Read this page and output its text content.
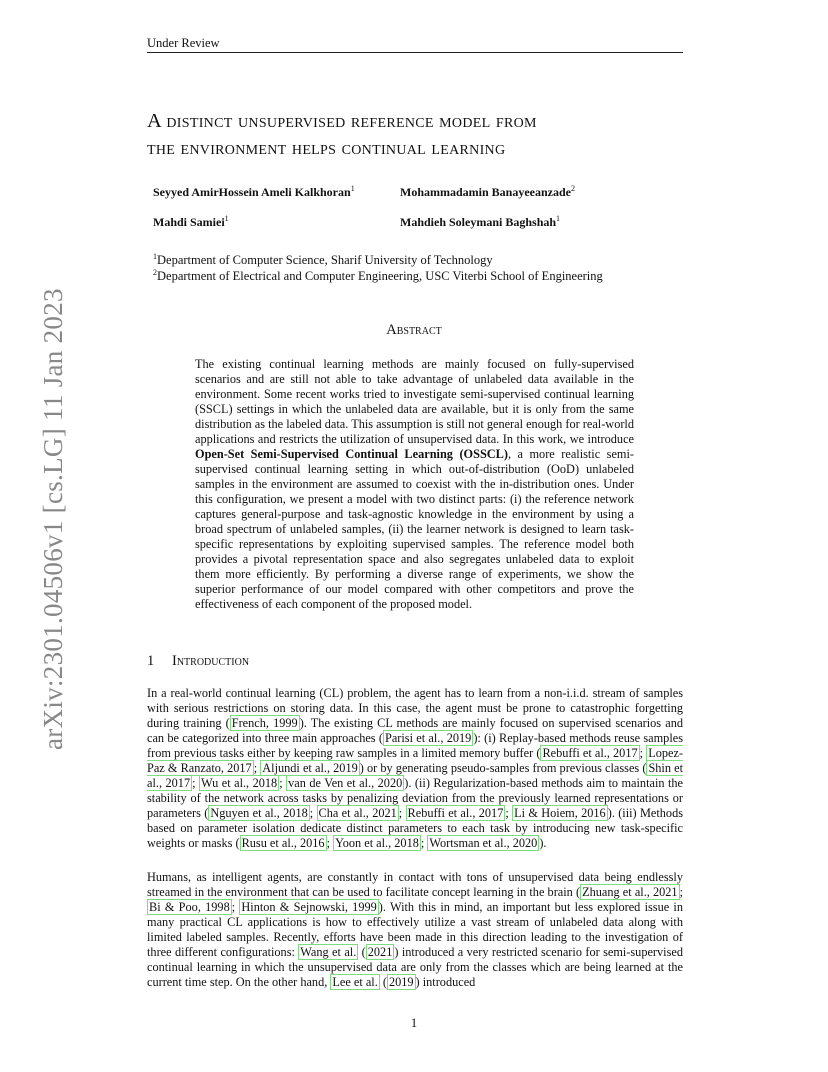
Under Review
A distinct unsupervised reference model from
the environment helps continual learning
Seyyed AmirHossein Ameli Kalkhoran$^1$	Mohammadamin Banayeeanzade$^2$
Mahdi Samiei$^1$	Mahdieh Soleymani Baghshah$^1$
$^1$Department of Computer Science, Sharif University of Technology
$^2$Department of Electrical and Computer Engineering, USC Viterbi School of Engineering
Abstract
The existing continual learning methods are mainly focused on fully-supervised scenarios and are still not able to take advantage of unlabeled data available in the environment. Some recent works tried to investigate semi-supervised continual learning (SSCL) settings in which the unlabeled data are available, but it is only from the same distribution as the labeled data. This assumption is still not general enough for real-world applications and restricts the utilization of unsupervised data. In this work, we introduce Open-Set Semi-Supervised Continual Learning (OSSCL), a more realistic semi-supervised continual learning setting in which out-of-distribution (OoD) unlabeled samples in the environment are assumed to coexist with the in-distribution ones. Under this configuration, we present a model with two distinct parts: (i) the reference network captures general-purpose and task-agnostic knowledge in the environment by using a broad spectrum of unlabeled samples, (ii) the learner network is designed to learn task-specific representations by exploiting supervised samples. The reference model both provides a pivotal representation space and also segregates unlabeled data to exploit them more efficiently. By performing a diverse range of experiments, we show the superior performance of our model compared with other competitors and prove the effectiveness of each component of the proposed model.
1 Introduction
In a real-world continual learning (CL) problem, the agent has to learn from a non-i.i.d. stream of samples with serious restrictions on storing data. In this case, the agent must be prone to catastrophic forgetting during training ( French, 1999 ). The existing CL methods are mainly focused on supervised scenarios and can be categorized into three main approaches ( Parisi et al., 2019 ): (i) Replay-based methods reuse samples from previous tasks either by keeping raw samples in a limited memory buffer ( Rebuffi et al., 2017 ; Lopez-Paz & Ranzato, 2017 ; Aljundi et al., 2019 ) or by generating pseudo-samples from previous classes ( Shin et al., 2017 ; Wu et al., 2018 ; van de Ven et al., 2020 ). (ii) Regularization-based methods aim to maintain the stability of the network across tasks by penalizing deviation from the previously learned representations or parameters ( Nguyen et al., 2018 ; Cha et al., 2021 ; Rebuffi et al., 2017 ; Li & Hoiem, 2016 ). (iii) Methods based on parameter isolation dedicate distinct parameters to each task by introducing new task-specific weights or masks ( Rusu et al., 2016 ; Yoon et al., 2018 ; Wortsman et al., 2020 ).
Humans, as intelligent agents, are constantly in contact with tons of unsupervised data being endlessly streamed in the environment that can be used to facilitate concept learning in the brain ( Zhuang et al., 2021 ; Bi & Poo, 1998 ; Hinton & Sejnowski, 1999 ). With this in mind, an important but less explored issue in many practical CL applications is how to effectively utilize a vast stream of unlabeled data along with limited labeled samples. Recently, efforts have been made in this direction leading to the investigation of three different configurations: Wang et al. ( 2021 ) introduced a very restricted scenario for semi-supervised continual learning in which the unsupervised data are only from the classes which are being learned at the current time step. On the other hand, Lee et al. ( 2019 ) introduced
arXiv:2301.04506v1 [cs.LG] 11 Jan 2023
1
